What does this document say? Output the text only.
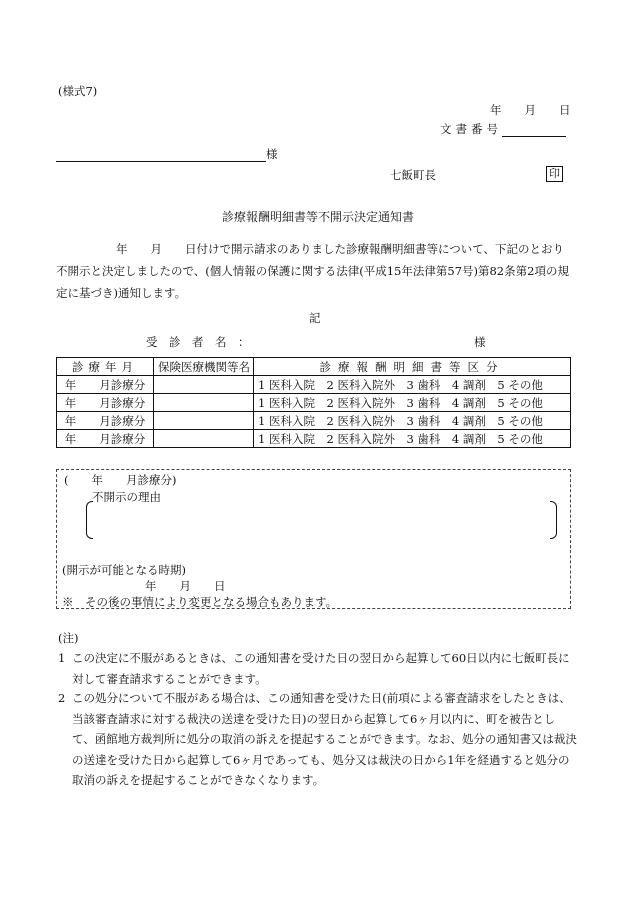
(様式7)
年　　月　　日
文書番号
様
七飯町長	印
診療報酬明細書等不開示決定通知書
年　　月　　日付けで開示請求のありました診療報酬明細書等について、下記のとおり
不開示と決定しましたので、(個人情報の保護に関する法律(平成15年法律第57号)第82条第2項の規
定に基づき)通知します。
記
受　診　者　名　：	様
診療年月	保険医療機関等名	診療報酬明細書等区分
年　　月診療分		1 医科入院　2 医科入院外　3 歯科　4 調剤　5 その他
年　　月診療分		1 医科入院　2 医科入院外　3 歯科　4 調剤　5 その他
年　　月診療分		1 医科入院　2 医科入院外　3 歯科　4 調剤　5 その他
年　　月診療分		1 医科入院　2 医科入院外　3 歯科　4 調剤　5 その他
(　　年　　月診療分)
不開示の理由
(開示が可能となる時期)
年　　月　　日
※　その後の事情により変更となる場合もあります。
(注)
1 この決定に不服があるときは、この通知書を受けた日の翌日から起算して60日以内に七飯町長に対して審査請求することができます。
2 この処分について不服がある場合は、この通知書を受けた日(前項による審査請求をしたときは、当該審査請求に対する裁決の送達を受けた日)の翌日から起算して6ヶ月以内に、町を被告として、函館地方裁判所に処分の取消の訴えを提起することができます。なお、処分の通知書又は裁決の送達を受けた日から起算して6ヶ月であっても、処分又は裁決の日から1年を経過すると処分の取消の訴えを提起することができなくなります。
